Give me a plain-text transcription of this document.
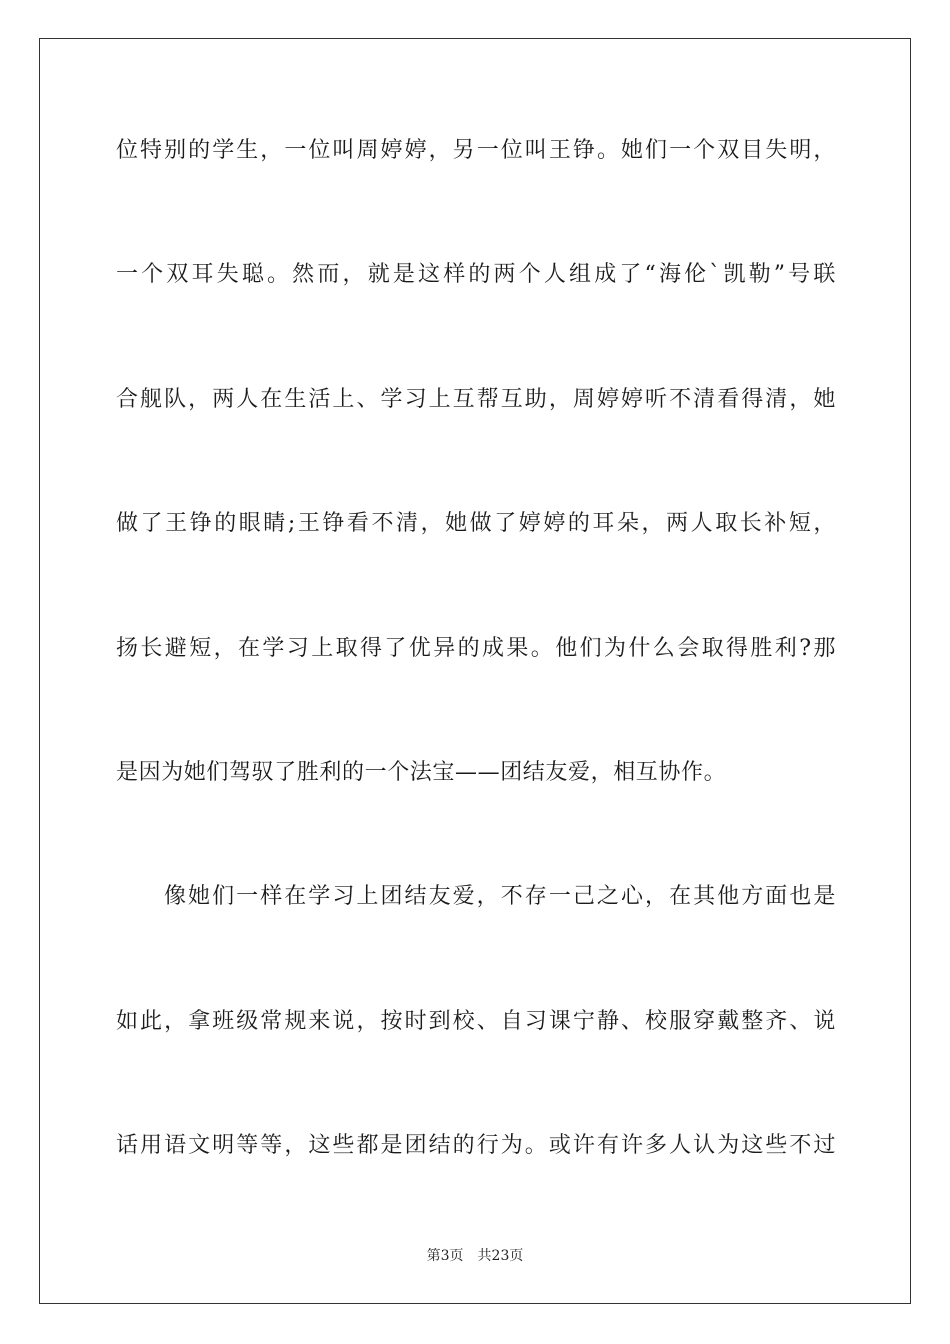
位特别的学生，一位叫周婷婷，另一位叫王铮。她们一个双目失明，
一个双耳失聪。然而，就是这样的两个人组成了“海伦`凯勒”号联
合舰队，两人在生活上、学习上互帮互助，周婷婷听不清看得清，她
做了王铮的眼睛;王铮看不清，她做了婷婷的耳朵，两人取长补短，
扬长避短，在学习上取得了优异的成果。他们为什么会取得胜利?那
是因为她们驾驭了胜利的一个法宝——团结友爱，相互协作。
像她们一样在学习上团结友爱，不存一己之心，在其他方面也是
如此，拿班级常规来说，按时到校、自习课宁静、校服穿戴整齐、说
话用语文明等等，这些都是团结的行为。或许有许多人认为这些不过
第3页 共23页
